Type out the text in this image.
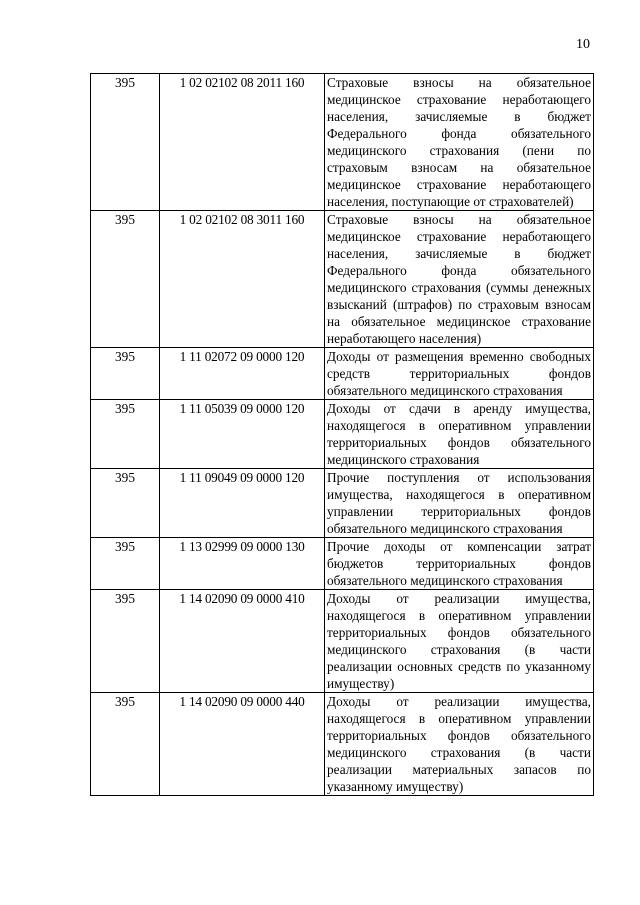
10
395	1 02 02102 08 2011 160	Страховые взносы на обязательное медицинское страхование неработающего населения, зачисляемые в бюджет Федерального фонда обязательного медицинского страхования (пени по страховым взносам на обязательное медицинское страхование неработающего населения, поступающие от страхователей)
395	1 02 02102 08 3011 160	Страховые взносы на обязательное медицинское страхование неработающего населения, зачисляемые в бюджет Федерального фонда обязательного медицинского страхования (суммы денежных взысканий (штрафов) по страховым взносам на обязательное медицинское страхование неработающего населения)
395	1 11 02072 09 0000 120	Доходы от размещения временно свободных средств территориальных фондов обязательного медицинского страхования
395	1 11 05039 09 0000 120	Доходы от сдачи в аренду имущества, находящегося в оперативном управлении территориальных фондов обязательного медицинского страхования
395	1 11 09049 09 0000 120	Прочие поступления от использования имущества, находящегося в оперативном управлении территориальных фондов обязательного медицинского страхования
395	1 13 02999 09 0000 130	Прочие доходы от компенсации затрат бюджетов территориальных фондов обязательного медицинского страхования
395	1 14 02090 09 0000 410	Доходы от реализации имущества, находящегося в оперативном управлении территориальных фондов обязательного медицинского страхования (в части реализации основных средств по указанному имуществу)
395	1 14 02090 09 0000 440	Доходы от реализации имущества, находящегося в оперативном управлении территориальных фондов обязательного медицинского страхования (в части реализации материальных запасов по указанному имуществу)
